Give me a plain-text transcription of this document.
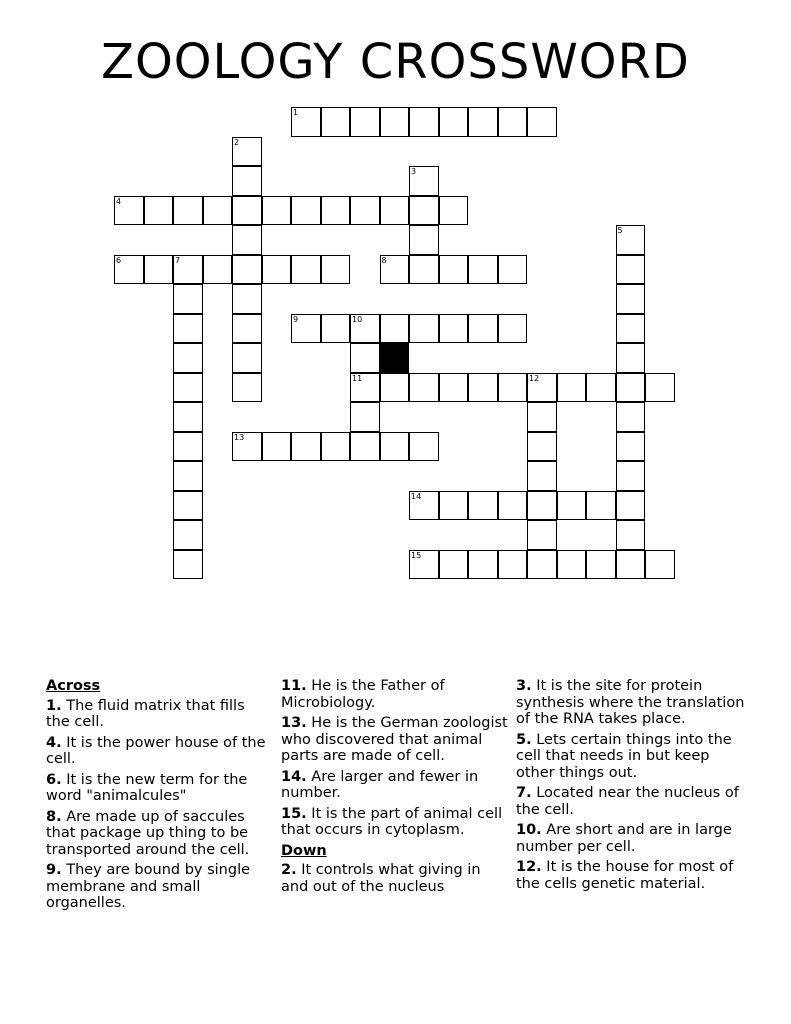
ZOOLOGY CROSSWORD
1
2
3
4
5
6	7	8
9	10
11	12
13
14
15
Across
1. The fluid matrix that fills the cell.
4. It is the power house of the cell.
6. It is the new term for the word "animalcules"
8. Are made up of saccules that package up thing to be transported around the cell.
9. They are bound by single membrane and small organelles.
11. He is the Father of Microbiology.
13. He is the German zoologist who discovered that animal parts are made of cell.
14. Are larger and fewer in number.
15. It is the part of animal cell that occurs in cytoplasm.
Down
2. It controls what giving in and out of the nucleus
3. It is the site for protein synthesis where the translation of the RNA takes place.
5. Lets certain things into the cell that needs in but keep other things out.
7. Located near the nucleus of the cell.
10. Are short and are in large number per cell.
12. It is the house for most of the cells genetic material.
